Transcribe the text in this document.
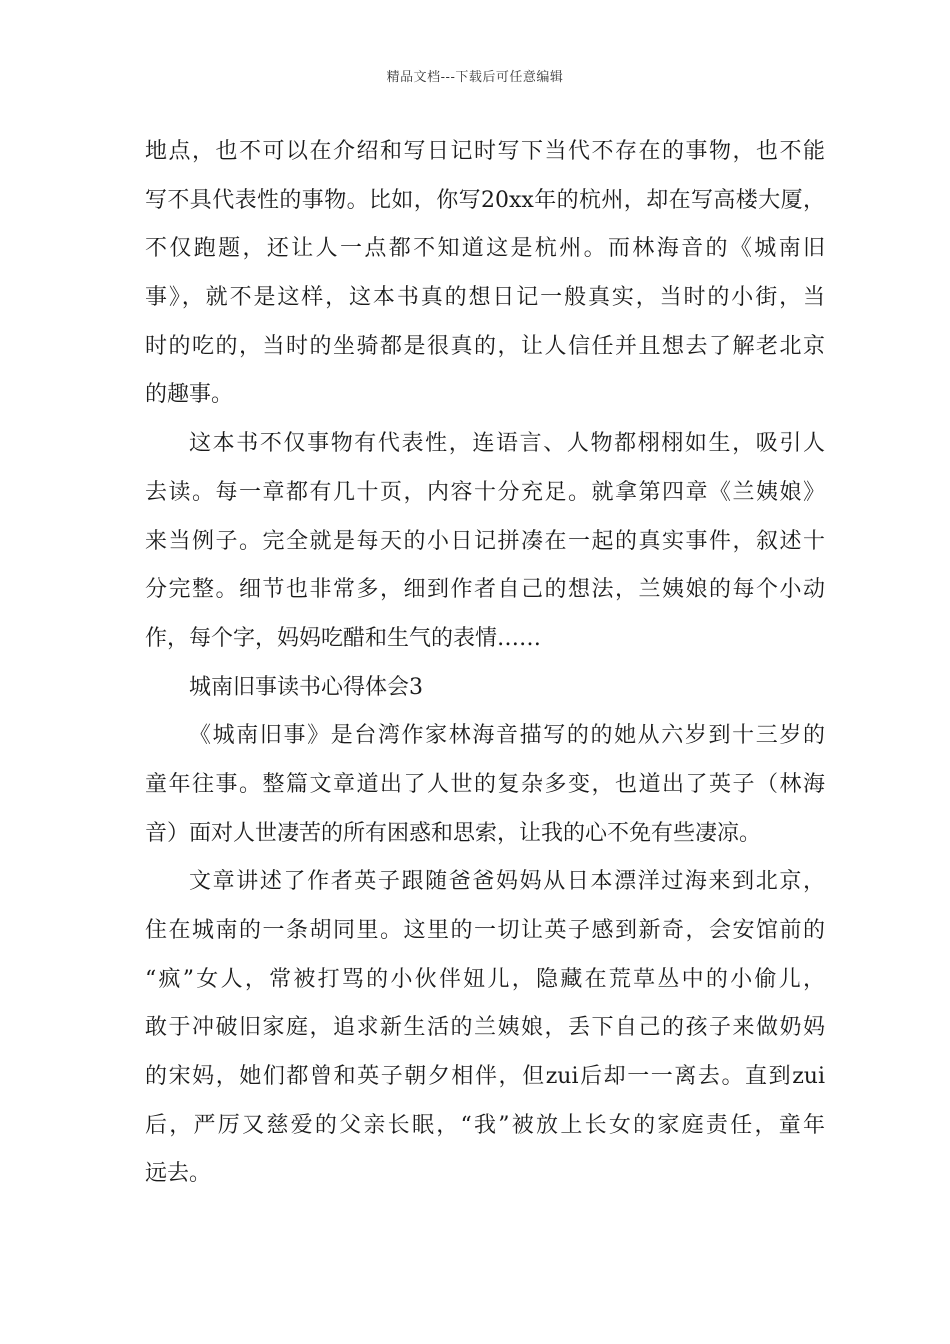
精品文档---下载后可任意编辑
地点，也不可以在介绍和写日记时写下当代不存在的事物，也不能
写不具代表性的事物。比如，你写20xx年的杭州，却在写高楼大厦，
不仅跑题，还让人一点都不知道这是杭州。而林海音的《城南旧
事》，就不是这样，这本书真的想日记一般真实，当时的小街，当
时的吃的，当时的坐骑都是很真的，让人信任并且想去了解老北京
的趣事。
这本书不仅事物有代表性，连语言、人物都栩栩如生，吸引人
去读。每一章都有几十页，内容十分充足。就拿第四章《兰姨娘》
来当例子。完全就是每天的小日记拼凑在一起的真实事件，叙述十
分完整。细节也非常多，细到作者自己的想法，兰姨娘的每个小动
作，每个字，妈妈吃醋和生气的表情……
城南旧事读书心得体会3
《城南旧事》是台湾作家林海音描写的的她从六岁到十三岁的
童年往事。整篇文章道出了人世的复杂多变，也道出了英子（林海
音）面对人世凄苦的所有困惑和思索，让我的心不免有些凄凉。
文章讲述了作者英子跟随爸爸妈妈从日本漂洋过海来到北京，
住在城南的一条胡同里。这里的一切让英子感到新奇，会安馆前的
“疯”女人，常被打骂的小伙伴妞儿，隐藏在荒草丛中的小偷儿，
敢于冲破旧家庭，追求新生活的兰姨娘，丢下自己的孩子来做奶妈
的宋妈，她们都曾和英子朝夕相伴，但zui后却一一离去。直到zui
后，严厉又慈爱的父亲长眠，“我”被放上长女的家庭责任，童年
远去。
